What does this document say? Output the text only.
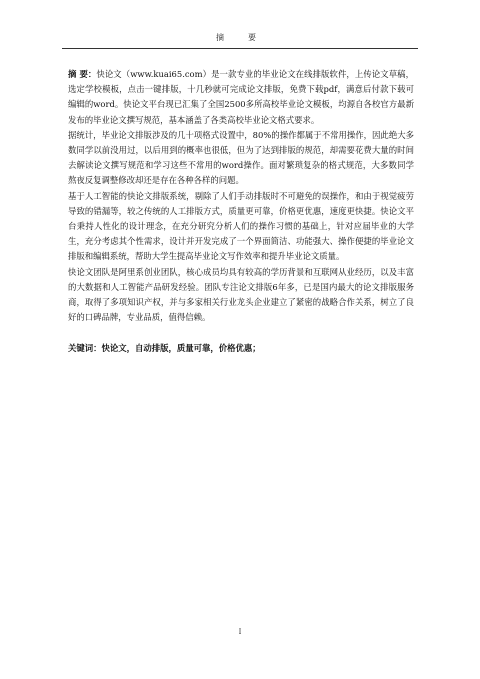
摘　要

摘 要：快论文（www.kuai65.com）是一款专业的毕业论文在线排版软件，上传论文草稿，选定学校模板，点击一键排版，十几秒就可完成论文排版，免费下载pdf，满意后付款下载可编辑的word。快论文平台现已汇集了全国2500多所高校毕业论文模板，均源自各校官方最新发布的毕业论文撰写规范，基本涵盖了各类高校毕业论文格式要求。

据统计，毕业论文排版涉及的几十项格式设置中，80%的操作都属于不常用操作，因此绝大多数同学以前没用过，以后用到的概率也很低，但为了达到排版的规范，却需要花费大量的时间去解读论文撰写规范和学习这些不常用的word操作。面对繁琐复杂的格式规范，大多数同学熬夜反复调整修改却还是存在各种各样的问题。

基于人工智能的快论文排版系统，剔除了人们手动排版时不可避免的误操作，和由于视觉疲劳导致的错漏等，较之传统的人工排版方式，质量更可靠，价格更优惠，速度更快捷。快论文平台秉持人性化的设计理念，在充分研究分析人们的操作习惯的基础上，针对应届毕业的大学生，充分考虑其个性需求，设计并开发完成了一个界面简洁、功能强大、操作便捷的毕业论文排版和编辑系统，帮助大学生提高毕业论文写作效率和提升毕业论文质量。

快论文团队是阿里系创业团队，核心成员均具有较高的学历背景和互联网从业经历，以及丰富的大数据和人工智能产品研发经验。团队专注论文排版6年多，已是国内最大的论文排版服务商，取得了多项知识产权，并与多家相关行业龙头企业建立了紧密的战略合作关系，树立了良好的口碑品牌，专业品质，值得信赖。

关键词：快论文，自动排版，质量可靠，价格优惠；
I
